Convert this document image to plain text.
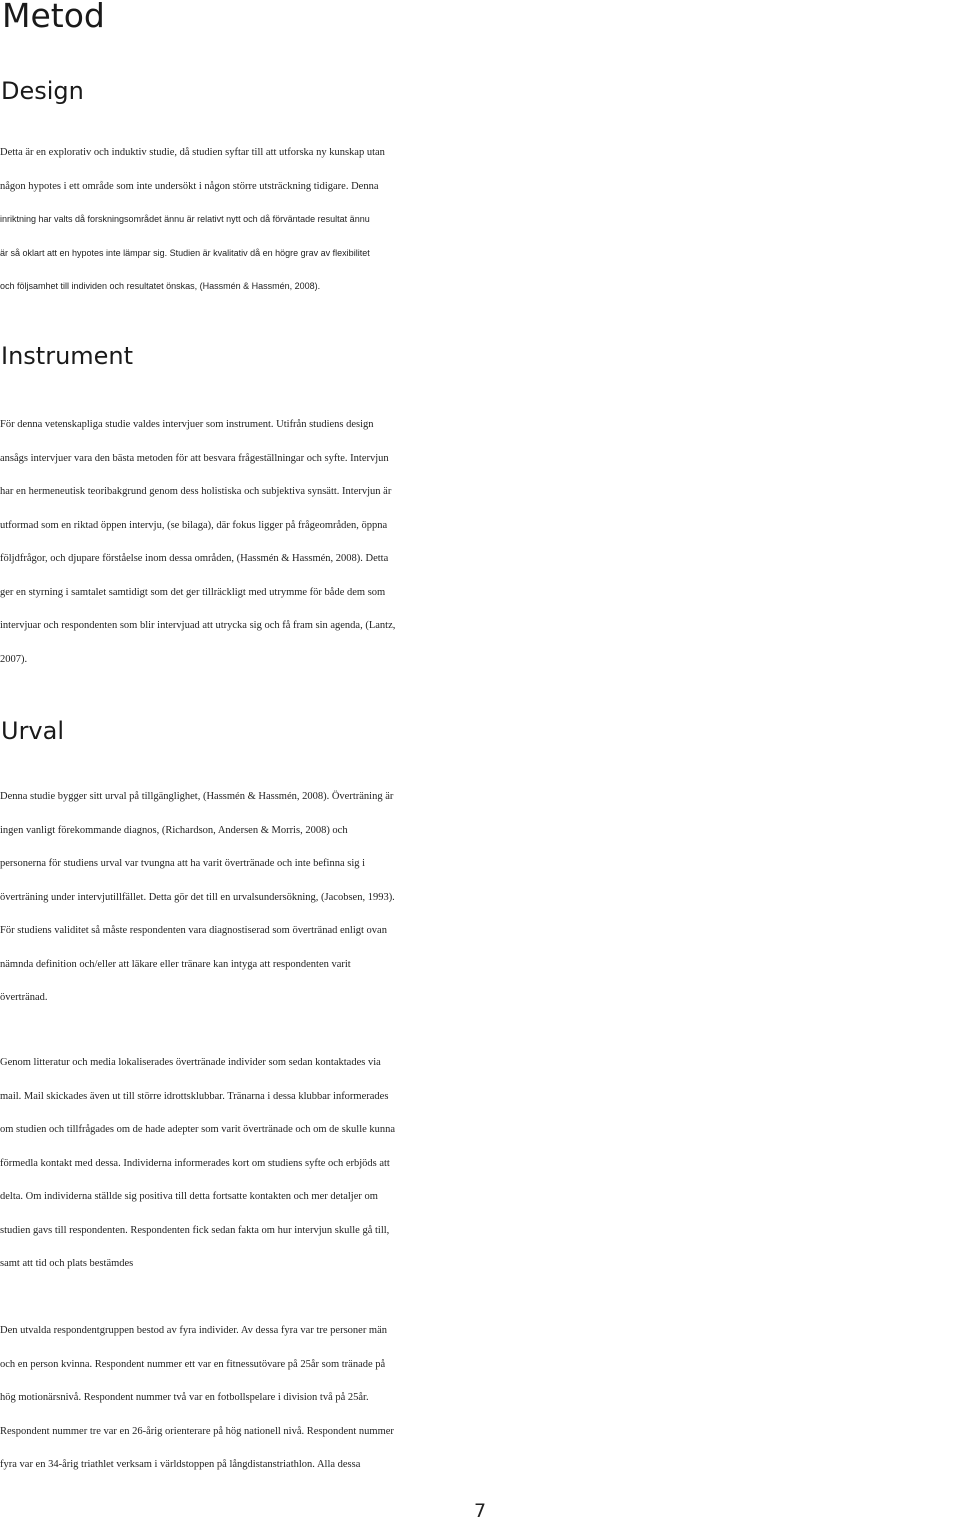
Metod
Design
Detta är en explorativ och induktiv studie, då studien syftar till att utforska ny kunskap utan
någon hypotes i ett område som inte undersökt i någon större utsträckning tidigare. Denna
inriktning har valts då forskningsområdet ännu är relativt nytt och då förväntade resultat ännu
är så oklart att en hypotes inte lämpar sig. Studien är kvalitativ då en högre grav av flexibilitet
och följsamhet till individen och resultatet önskas, (Hassmén & Hassmén, 2008).
Instrument
För denna vetenskapliga studie valdes intervjuer som instrument. Utifrån studiens design
ansågs intervjuer vara den bästa metoden för att besvara frågeställningar och syfte. Intervjun
har en hermeneutisk teoribakgrund genom dess holistiska och subjektiva synsätt. Intervjun är
utformad som en riktad öppen intervju, (se bilaga), där fokus ligger på frågeområden, öppna
följdfrågor, och djupare förståelse inom dessa områden, (Hassmén & Hassmén, 2008). Detta
ger en styrning i samtalet samtidigt som det ger tillräckligt med utrymme för både dem som
intervjuar och respondenten som blir intervjuad att utrycka sig och få fram sin agenda, (Lantz,
2007).
Urval
Denna studie bygger sitt urval på tillgänglighet, (Hassmén & Hassmén, 2008). Överträning är
ingen vanligt förekommande diagnos, (Richardson, Andersen & Morris, 2008) och
personerna för studiens urval var tvungna att ha varit övertränade och inte befinna sig i
överträning under intervjutillfället. Detta gör det till en urvalsundersökning, (Jacobsen, 1993).
För studiens validitet så måste respondenten vara diagnostiserad som övertränad enligt ovan
nämnda definition och/eller att läkare eller tränare kan intyga att respondenten varit
övertränad.
Genom litteratur och media lokaliserades övertränade individer som sedan kontaktades via
mail. Mail skickades även ut till större idrottsklubbar. Tränarna i dessa klubbar informerades
om studien och tillfrågades om de hade adepter som varit övertränade och om de skulle kunna
förmedla kontakt med dessa. Individerna informerades kort om studiens syfte och erbjöds att
delta. Om individerna ställde sig positiva till detta fortsatte kontakten och mer detaljer om
studien gavs till respondenten. Respondenten fick sedan fakta om hur intervjun skulle gå till,
samt att tid och plats bestämdes
Den utvalda respondentgruppen bestod av fyra individer. Av dessa fyra var tre personer män
och en person kvinna. Respondent nummer ett var en fitnessutövare på 25år som tränade på
hög motionärsnivå. Respondent nummer två var en fotbollspelare i division två på 25år.
Respondent nummer tre var en 26-årig orienterare på hög nationell nivå. Respondent nummer
fyra var en 34-årig triathlet verksam i världstoppen på långdistanstriathlon. Alla dessa
7
